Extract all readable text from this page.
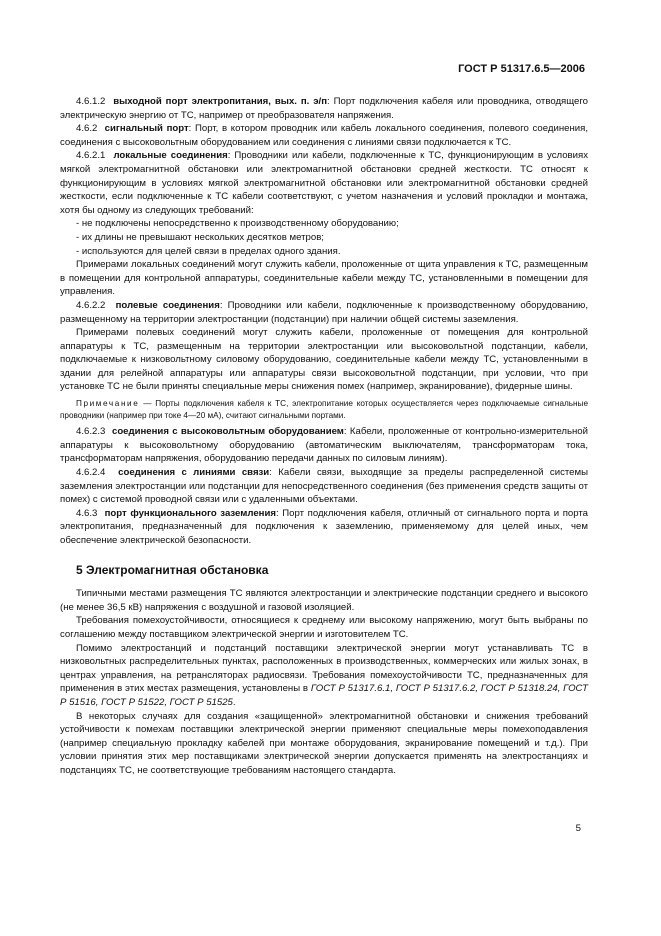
ГОСТ Р 51317.6.5—2006

4.6.1.2 выходной порт электропитания, вых. п. э/п: Порт подключения кабеля или проводника, отводящего электрическую энергию от ТС, например от преобразователя напряжения.

4.6.2 сигнальный порт: Порт, в котором проводник или кабель локального соединения, полевого соединения, соединения с высоковольтным оборудованием или соединения с линиями связи подключается к ТС.

4.6.2.1 локальные соединения: Проводники или кабели, подключенные к ТС, функционирующим в условиях мягкой электромагнитной обстановки или электромагнитной обстановки средней жесткости. ТС относят к функционирующим в условиях мягкой электромагнитной обстановки или электромагнитной обстановки средней жесткости, если подключенные к ТС кабели соответствуют, с учетом назначения и условий прокладки и монтажа, хотя бы одному из следующих требований:

- не подключены непосредственно к производственному оборудованию;

- их длины не превышают нескольких десятков метров;

- используются для целей связи в пределах одного здания.

Примерами локальных соединений могут служить кабели, проложенные от щита управления к ТС, размещенным в помещении для контрольной аппаратуры, соединительные кабели между ТС, установленными в помещении для управления.

4.6.2.2 полевые соединения: Проводники или кабели, подключенные к производственному оборудованию, размещенному на территории электростанции (подстанции) при наличии общей системы заземления.

Примерами полевых соединений могут служить кабели, проложенные от помещения для контрольной аппаратуры к ТС, размещенным на территории электростанции или высоковольтной подстанции, кабели, подключаемые к низковольтному силовому оборудованию, соединительные кабели между ТС, установленными в здании для релейной аппаратуры или аппаратуры связи высоковольтной подстанции, при условии, что при установке ТС не были приняты специальные меры снижения помех (например, экранирование), фидерные шины.

Примечание — Порты подключения кабеля к ТС, электропитание которых осуществляется через подключаемые сигнальные проводники (например при токе 4—20 мА), считают сигнальными портами.

4.6.2.3 соединения с высоковольтным оборудованием: Кабели, проложенные от контрольно-измерительной аппаратуры к высоковольтному оборудованию (автоматическим выключателям, трансформаторам тока, трансформаторам напряжения, оборудованию передачи данных по силовым линиям).

4.6.2.4 соединения с линиями связи: Кабели связи, выходящие за пределы распределенной системы заземления электростанции или подстанции для непосредственного соединения (без применения средств защиты от помех) с системой проводной связи или с удаленными объектами.

4.6.3 порт функционального заземления: Порт подключения кабеля, отличный от сигнального порта и порта электропитания, предназначенный для подключения к заземлению, применяемому для целей иных, чем обеспечение электрической безопасности.

5 Электромагнитная обстановка

Типичными местами размещения ТС являются электростанции и электрические подстанции среднего и высокого (не менее 36,5 кВ) напряжения с воздушной и газовой изоляцией.

Требования помехоустойчивости, относящиеся к среднему или высокому напряжению, могут быть выбраны по соглашению между поставщиком электрической энергии и изготовителем ТС.

Помимо электростанций и подстанций поставщики электрической энергии могут устанавливать ТС в низковольтных распределительных пунктах, расположенных в производственных, коммерческих или жилых зонах, в центрах управления, на ретрансляторах радиосвязи. Требования помехоустойчивости ТС, предназначенных для применения в этих местах размещения, установлены в ГОСТ Р 51317.6.1, ГОСТ Р 51317.6.2, ГОСТ Р 51318.24, ГОСТ Р 51516, ГОСТ Р 51522, ГОСТ Р 51525.

В некоторых случаях для создания «защищенной» электромагнитной обстановки и снижения требований устойчивости к помехам поставщики электрической энергии применяют специальные меры помехоподавления (например специальную прокладку кабелей при монтаже оборудования, экранирование помещений и т.д.). При условии принятия этих мер поставщиками электрической энергии допускается применять на электростанциях и подстанциях ТС, не соответствующие требованиям настоящего стандарта.

5
